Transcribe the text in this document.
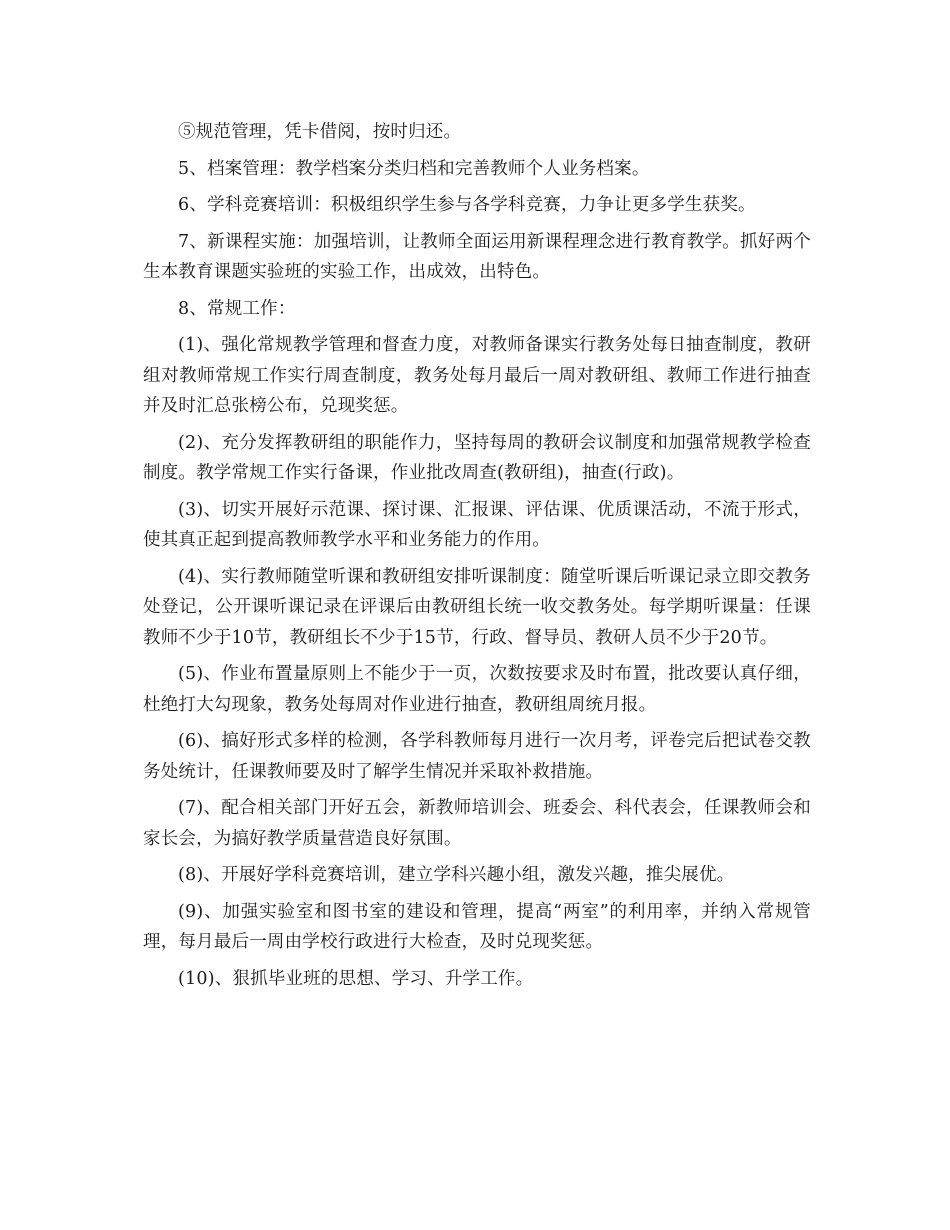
⑤规范管理，凭卡借阅，按时归还。

5、档案管理：教学档案分类归档和完善教师个人业务档案。

6、学科竞赛培训：积极组织学生参与各学科竞赛，力争让更多学生获奖。

7、新课程实施：加强培训，让教师全面运用新课程理念进行教育教学。抓好两个生本教育课题实验班的实验工作，出成效，出特色。

8、常规工作：

(1)、强化常规教学管理和督查力度，对教师备课实行教务处每日抽查制度，教研组对教师常规工作实行周查制度，教务处每月最后一周对教研组、教师工作进行抽查并及时汇总张榜公布，兑现奖惩。

(2)、充分发挥教研组的职能作力，坚持每周的教研会议制度和加强常规教学检查制度。教学常规工作实行备课，作业批改周查(教研组)，抽查(行政)。

(3)、切实开展好示范课、探讨课、汇报课、评估课、优质课活动，不流于形式，使其真正起到提高教师教学水平和业务能力的作用。

(4)、实行教师随堂听课和教研组安排听课制度：随堂听课后听课记录立即交教务处登记，公开课听课记录在评课后由教研组长统一收交教务处。每学期听课量：任课教师不少于10节，教研组长不少于15节，行政、督导员、教研人员不少于20节。

(5)、作业布置量原则上不能少于一页，次数按要求及时布置，批改要认真仔细，杜绝打大勾现象，教务处每周对作业进行抽查，教研组周统月报。

(6)、搞好形式多样的检测，各学科教师每月进行一次月考，评卷完后把试卷交教务处统计，任课教师要及时了解学生情况并采取补救措施。

(7)、配合相关部门开好五会，新教师培训会、班委会、科代表会，任课教师会和家长会，为搞好教学质量营造良好氛围。

(8)、开展好学科竞赛培训，建立学科兴趣小组，激发兴趣，推尖展优。

(9)、加强实验室和图书室的建设和管理，提高“两室”的利用率，并纳入常规管理，每月最后一周由学校行政进行大检查，及时兑现奖惩。

(10)、狠抓毕业班的思想、学习、升学工作。
